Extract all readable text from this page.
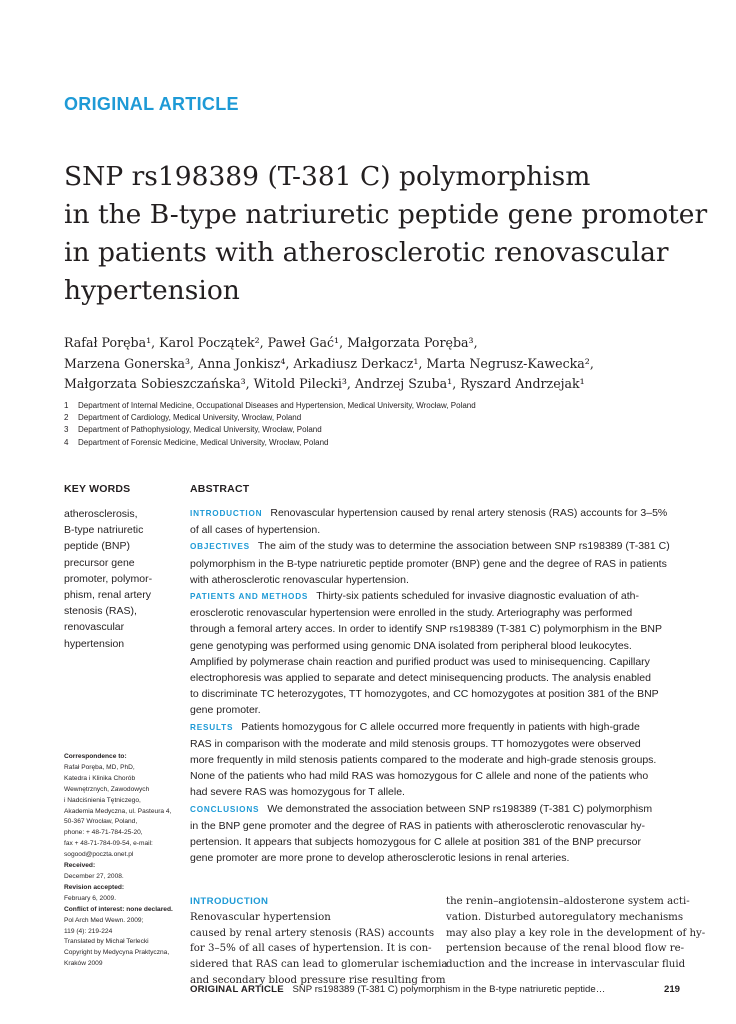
ORIGINAL ARTICLE
SNP rs198389 (T-381 C) polymorphism
in the B-type natriuretic peptide gene promoter
in patients with atherosclerotic renovascular
hypertension
Rafał Poręba¹, Karol Początek², Paweł Gać¹, Małgorzata Poręba³,
Marzena Gonerska³, Anna Jonkisz⁴, Arkadiusz Derkacz¹, Marta Negrusz-Kawecka²,
Małgorzata Sobieszczańska³, Witold Pilecki³, Andrzej Szuba¹, Ryszard Andrzejak¹
1	Department of Internal Medicine, Occupational Diseases and Hypertension, Medical University, Wrocław, Poland
2	Department of Cardiology, Medical University, Wrocław, Poland
3	Department of Pathophysiology, Medical University, Wrocław, Poland
4	Department of Forensic Medicine, Medical University, Wrocław, Poland
KEY WORDS
atherosclerosis,
B-type natriuretic
peptide (BNP)
precursor gene
promoter, polymor-
phism, renal artery
stenosis (RAS),
renovascular
hypertension
ABSTRACT
INTRODUCTION Renovascular hypertension caused by renal artery stenosis (RAS) accounts for 3–5%
of all cases of hypertension.
OBJECTIVES The aim of the study was to determine the association between SNP rs198389 (T-381 C)
polymorphism in the B-type natriuretic peptide promoter (BNP) gene and the degree of RAS in patients
with atherosclerotic renovascular hypertension.
PATIENTS AND METHODS Thirty-six patients scheduled for invasive diagnostic evaluation of ath-
erosclerotic renovascular hypertension were enrolled in the study. Arteriography was performed
through a femoral artery acces. In order to identify SNP rs198389 (T-381 C) polymorphism in the BNP
gene genotyping was performed using genomic DNA isolated from peripheral blood leukocytes.
Amplified by polymerase chain reaction and purified product was used to minisequencing. Capillary
electrophoresis was applied to separate and detect minisequencing products. The analysis enabled
to discriminate TC heterozygotes, TT homozygotes, and CC homozygotes at position 381 of the BNP
gene promoter.
RESULTS Patients homozygous for C allele occurred more frequently in patients with high-grade
RAS in comparison with the moderate and mild stenosis groups. TT homozygotes were observed
more frequently in mild stenosis patients compared to the moderate and high-grade stenosis groups.
None of the patients who had mild RAS was homozygous for C allele and none of the patients who
had severe RAS was homozygous for T allele.
CONCLUSIONS We demonstrated the association between SNP rs198389 (T-381 C) polymorphism
in the BNP gene promoter and the degree of RAS in patients with atherosclerotic renovascular hy-
pertension. It appears that subjects homozygous for C allele at position 381 of the BNP precursor
gene promoter are more prone to develop atherosclerotic lesions in renal arteries.
Correspondence to:
Rafał Poręba, MD, PhD,
Katedra i Klinika Chorób
Wewnętrznych, Zawodowych
i Nadciśnienia Tętniczego,
Akademia Medyczna, ul. Pasteura 4,
50-367 Wrocław, Poland,
phone: + 48-71-784-25-20,
fax + 48-71-784-09-54, e-mail:
sogood@poczta.onet.pl
Received:
December 27, 2008.
Revision accepted:
February 6, 2009.
Conflict of interest: none declared.
Pol Arch Med Wewn. 2009;
119 (4): 219-224
Translated by Michał Terlecki
Copyright by Medycyna Praktyczna,
Kraków 2009
INTRODUCTION
Renovascular hypertension
caused by renal artery stenosis (RAS) accounts
for 3–5% of all cases of hypertension. It is con-
sidered that RAS can lead to glomerular ischemia
and secondary blood pressure rise resulting from
the renin–angiotensin–aldosterone system acti-
vation. Disturbed autoregulatory mechanisms
may also play a key role in the development of hy-
pertension because of the renal blood flow re-
duction and the increase in intervascular fluid
ORIGINAL ARTICLE SNP rs198389 (T-381 C) polymorphism in the B-type natriuretic peptide…	219
